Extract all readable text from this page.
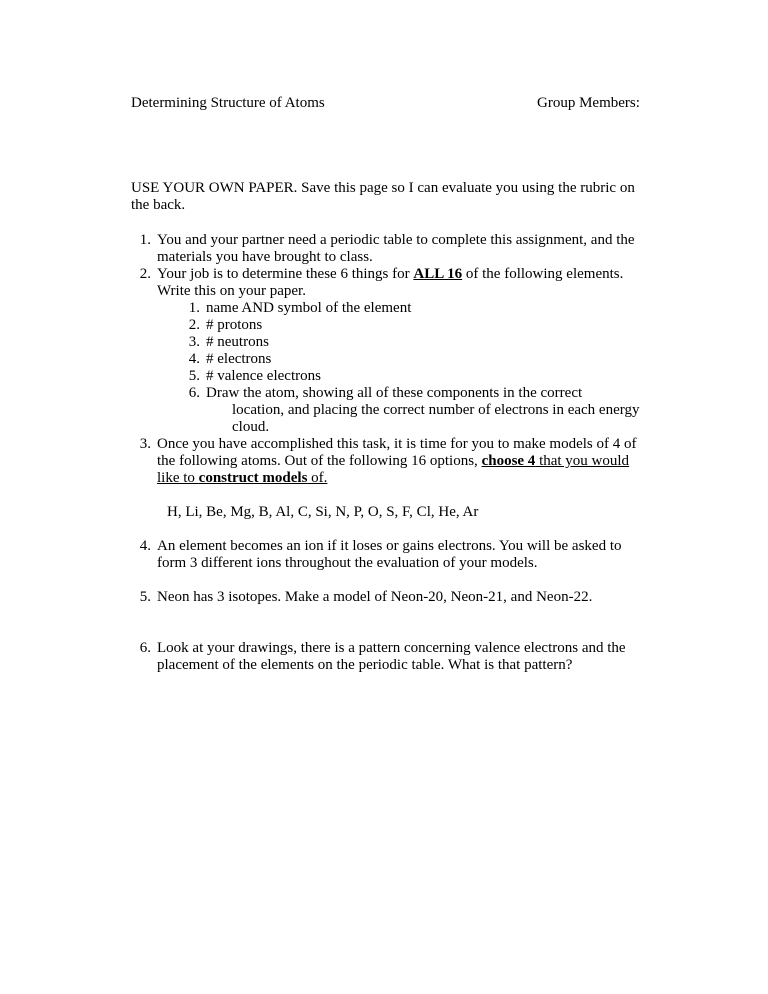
Determining Structure of Atoms	Group Members:
USE YOUR OWN PAPER. Save this page so I can evaluate you using the rubric on
the back.
1. You and your partner need a periodic table to complete this assignment, and the
materials you have brought to class.
2. Your job is to determine these 6 things for ALL 16 of the following elements.
Write this on your paper.
1. name AND symbol of the element
2. # protons
3. # neutrons
4. # electrons
5. # valence electrons
6. Draw the atom, showing all of these components in the correct
location, and placing the correct number of electrons in each energy
cloud.
3. Once you have accomplished this task, it is time for you to make models of 4 of
the following atoms. Out of the following 16 options, choose 4 that you would
like to construct models of.
H, Li, Be, Mg, B, Al, C, Si, N, P, O, S, F, Cl, He, Ar
4. An element becomes an ion if it loses or gains electrons. You will be asked to
form 3 different ions throughout the evaluation of your models.
5. Neon has 3 isotopes. Make a model of Neon-20, Neon-21, and Neon-22.
6. Look at your drawings, there is a pattern concerning valence electrons and the
placement of the elements on the periodic table. What is that pattern?
